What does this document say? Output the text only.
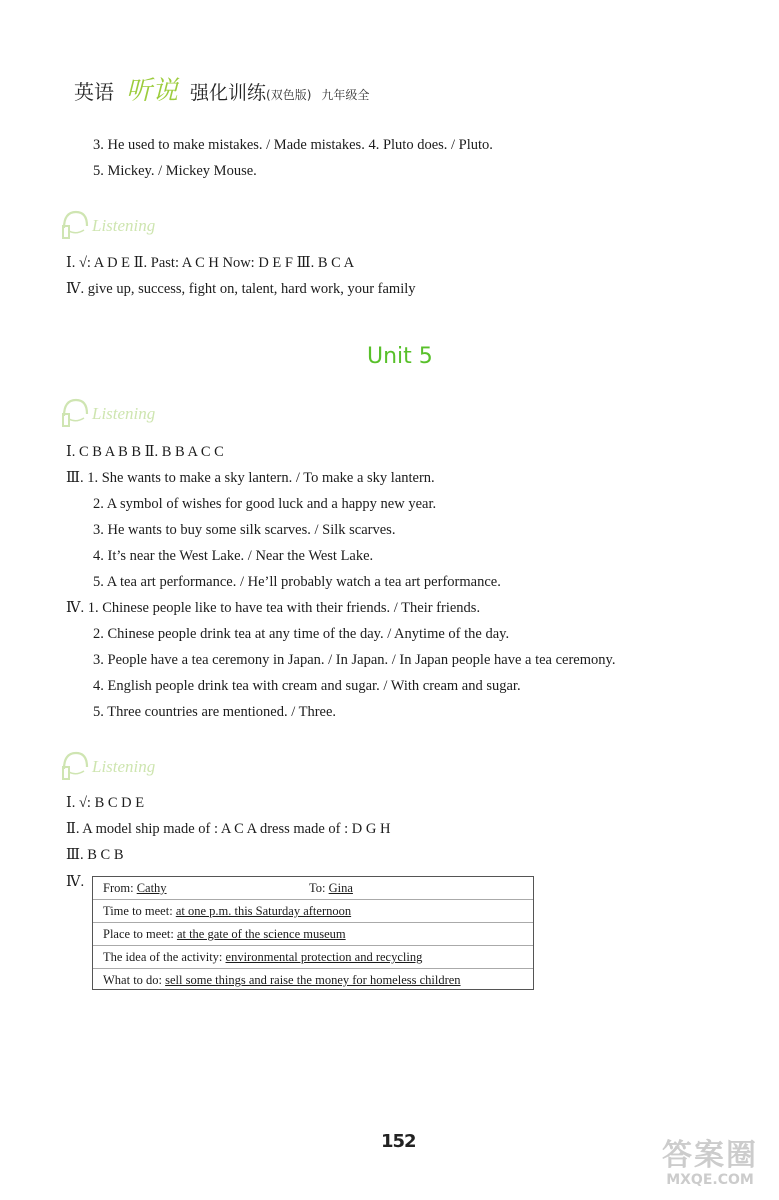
英语 听说 强化训练 (双色版) 九年级全
3. He used to make mistakes. / Made mistakes. 4. Pluto does. / Pluto.
5. Mickey. / Mickey Mouse.
Listening
Ⅰ. √: A D E Ⅱ. Past: A C H Now: D E F Ⅲ. B C A
Ⅳ. give up, success, fight on, talent, hard work, your family
Unit 5
Listening
Ⅰ. C B A B B Ⅱ. B B A C C
Ⅲ. 1. She wants to make a sky lantern. / To make a sky lantern.
2. A symbol of wishes for good luck and a happy new year.
3. He wants to buy some silk scarves. / Silk scarves.
4. It’s near the West Lake. / Near the West Lake.
5. A tea art performance. / He’ll probably watch a tea art performance.
Ⅳ. 1. Chinese people like to have tea with their friends. / Their friends.
2. Chinese people drink tea at any time of the day. / Anytime of the day.
3. People have a tea ceremony in Japan. / In Japan. / In Japan people have a tea ceremony.
4. English people drink tea with cream and sugar. / With cream and sugar.
5. Three countries are mentioned. / Three.
Listening
Ⅰ. √: B C D E
Ⅱ. A model ship made of : A C A dress made of : D G H
Ⅲ. B C B
Ⅳ.	From: Cathy	To: Gina
Time to meet: at one p.m. this Saturday afternoon
Place to meet: at the gate of the science museum
The idea of the activity: environmental protection and recycling
What to do: sell some things and raise the money for homeless children
152	答案圈
MXQE.COM
